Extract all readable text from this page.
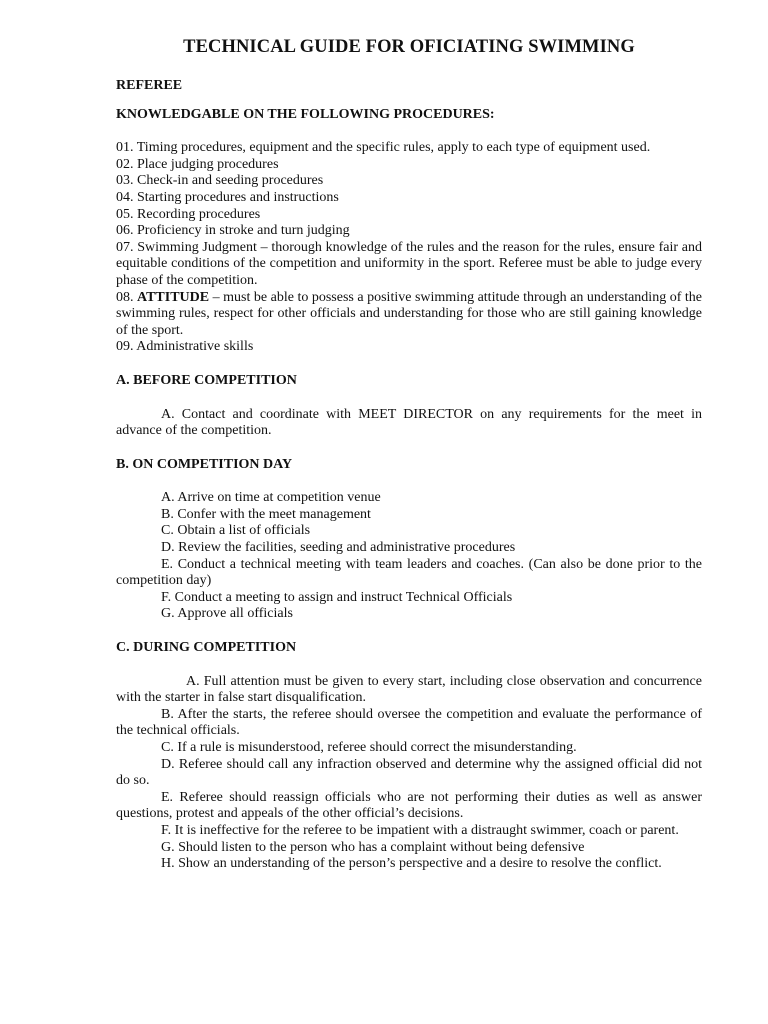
TECHNICAL GUIDE FOR OFICIATING SWIMMING
REFEREE
KNOWLEDGABLE ON THE FOLLOWING PROCEDURES:

01. Timing procedures, equipment and the specific rules, apply to each type of equipment used.

02. Place judging procedures

03. Check-in and seeding procedures

04. Starting procedures and instructions

05. Recording procedures

06. Proficiency in stroke and turn judging

07. Swimming Judgment – thorough knowledge of the rules and the reason for the rules, ensure fair and equitable conditions of the competition and uniformity in the sport. Referee must be able to judge every phase of the competition.

08. ATTITUDE – must be able to possess a positive swimming attitude through an understanding of the swimming rules, respect for other officials and understanding for those who are still gaining knowledge of the sport.

09. Administrative skills

A. BEFORE COMPETITION

A. Contact and coordinate with MEET DIRECTOR on any requirements for the meet in advance of the competition.

B. ON COMPETITION DAY

A. Arrive on time at competition venue

B. Confer with the meet management

C. Obtain a list of officials

D. Review the facilities, seeding and administrative procedures

E. Conduct a technical meeting with team leaders and coaches. (Can also be done prior to the competition day)

F. Conduct a meeting to assign and instruct Technical Officials

G. Approve all officials

C. DURING COMPETITION

A. Full attention must be given to every start, including close observation and concurrence with the starter in false start disqualification.

B. After the starts, the referee should oversee the competition and evaluate the performance of the technical officials.

C. If a rule is misunderstood, referee should correct the misunderstanding.

D. Referee should call any infraction observed and determine why the assigned official did not do so.

E. Referee should reassign officials who are not performing their duties as well as answer questions, protest and appeals of the other official’s decisions.

F. It is ineffective for the referee to be impatient with a distraught swimmer, coach or parent.

G. Should listen to the person who has a complaint without being defensive

H. Show an understanding of the person’s perspective and a desire to resolve the conflict.
